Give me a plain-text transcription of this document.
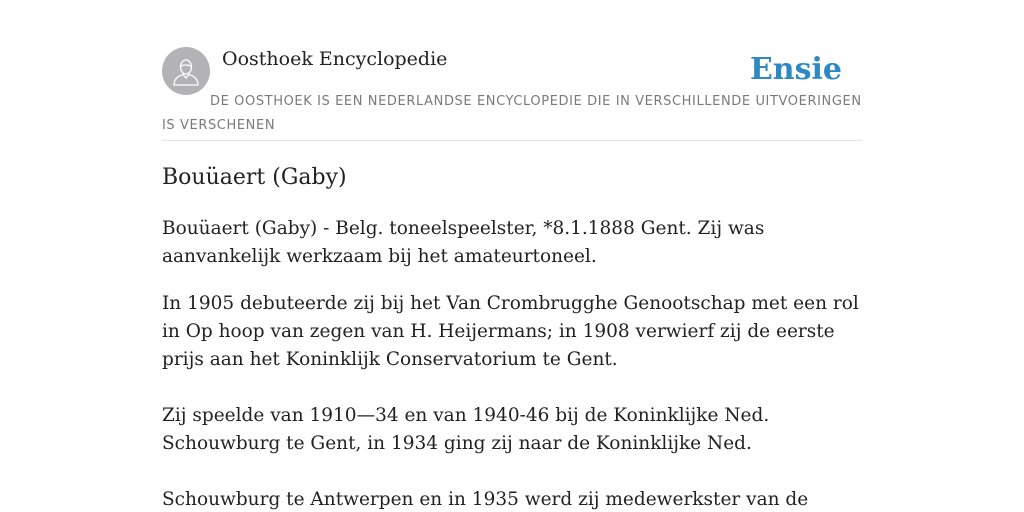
Oosthoek Encyclopedie	Ensie

DE OOSTHOEK IS EEN NEDERLANDSE ENCYCLOPEDIE DIE IN VERSCHILLENDE UITVOERINGEN IS VERSCHENEN

Bouüaert (Gaby)

Bouüaert (Gaby) - Belg. toneelspeelster, *8.1.1888 Gent. Zij was aanvankelijk werkzaam bij het amateurtoneel.

In 1905 debuteerde zij bij het Van Crombrugghe Genootschap met een rol in Op hoop van zegen van H. Heijermans; in 1908 verwierf zij de eerste prijs aan het Koninklijk Conservatorium te Gent.

Zij speelde van 1910—34 en van 1940-46 bij de Koninklijke Ned. Schouwburg te Gent, in 1934 ging zij naar de Koninklijke Ned.

Schouwburg te Antwerpen en in 1935 werd zij medewerkster van de
